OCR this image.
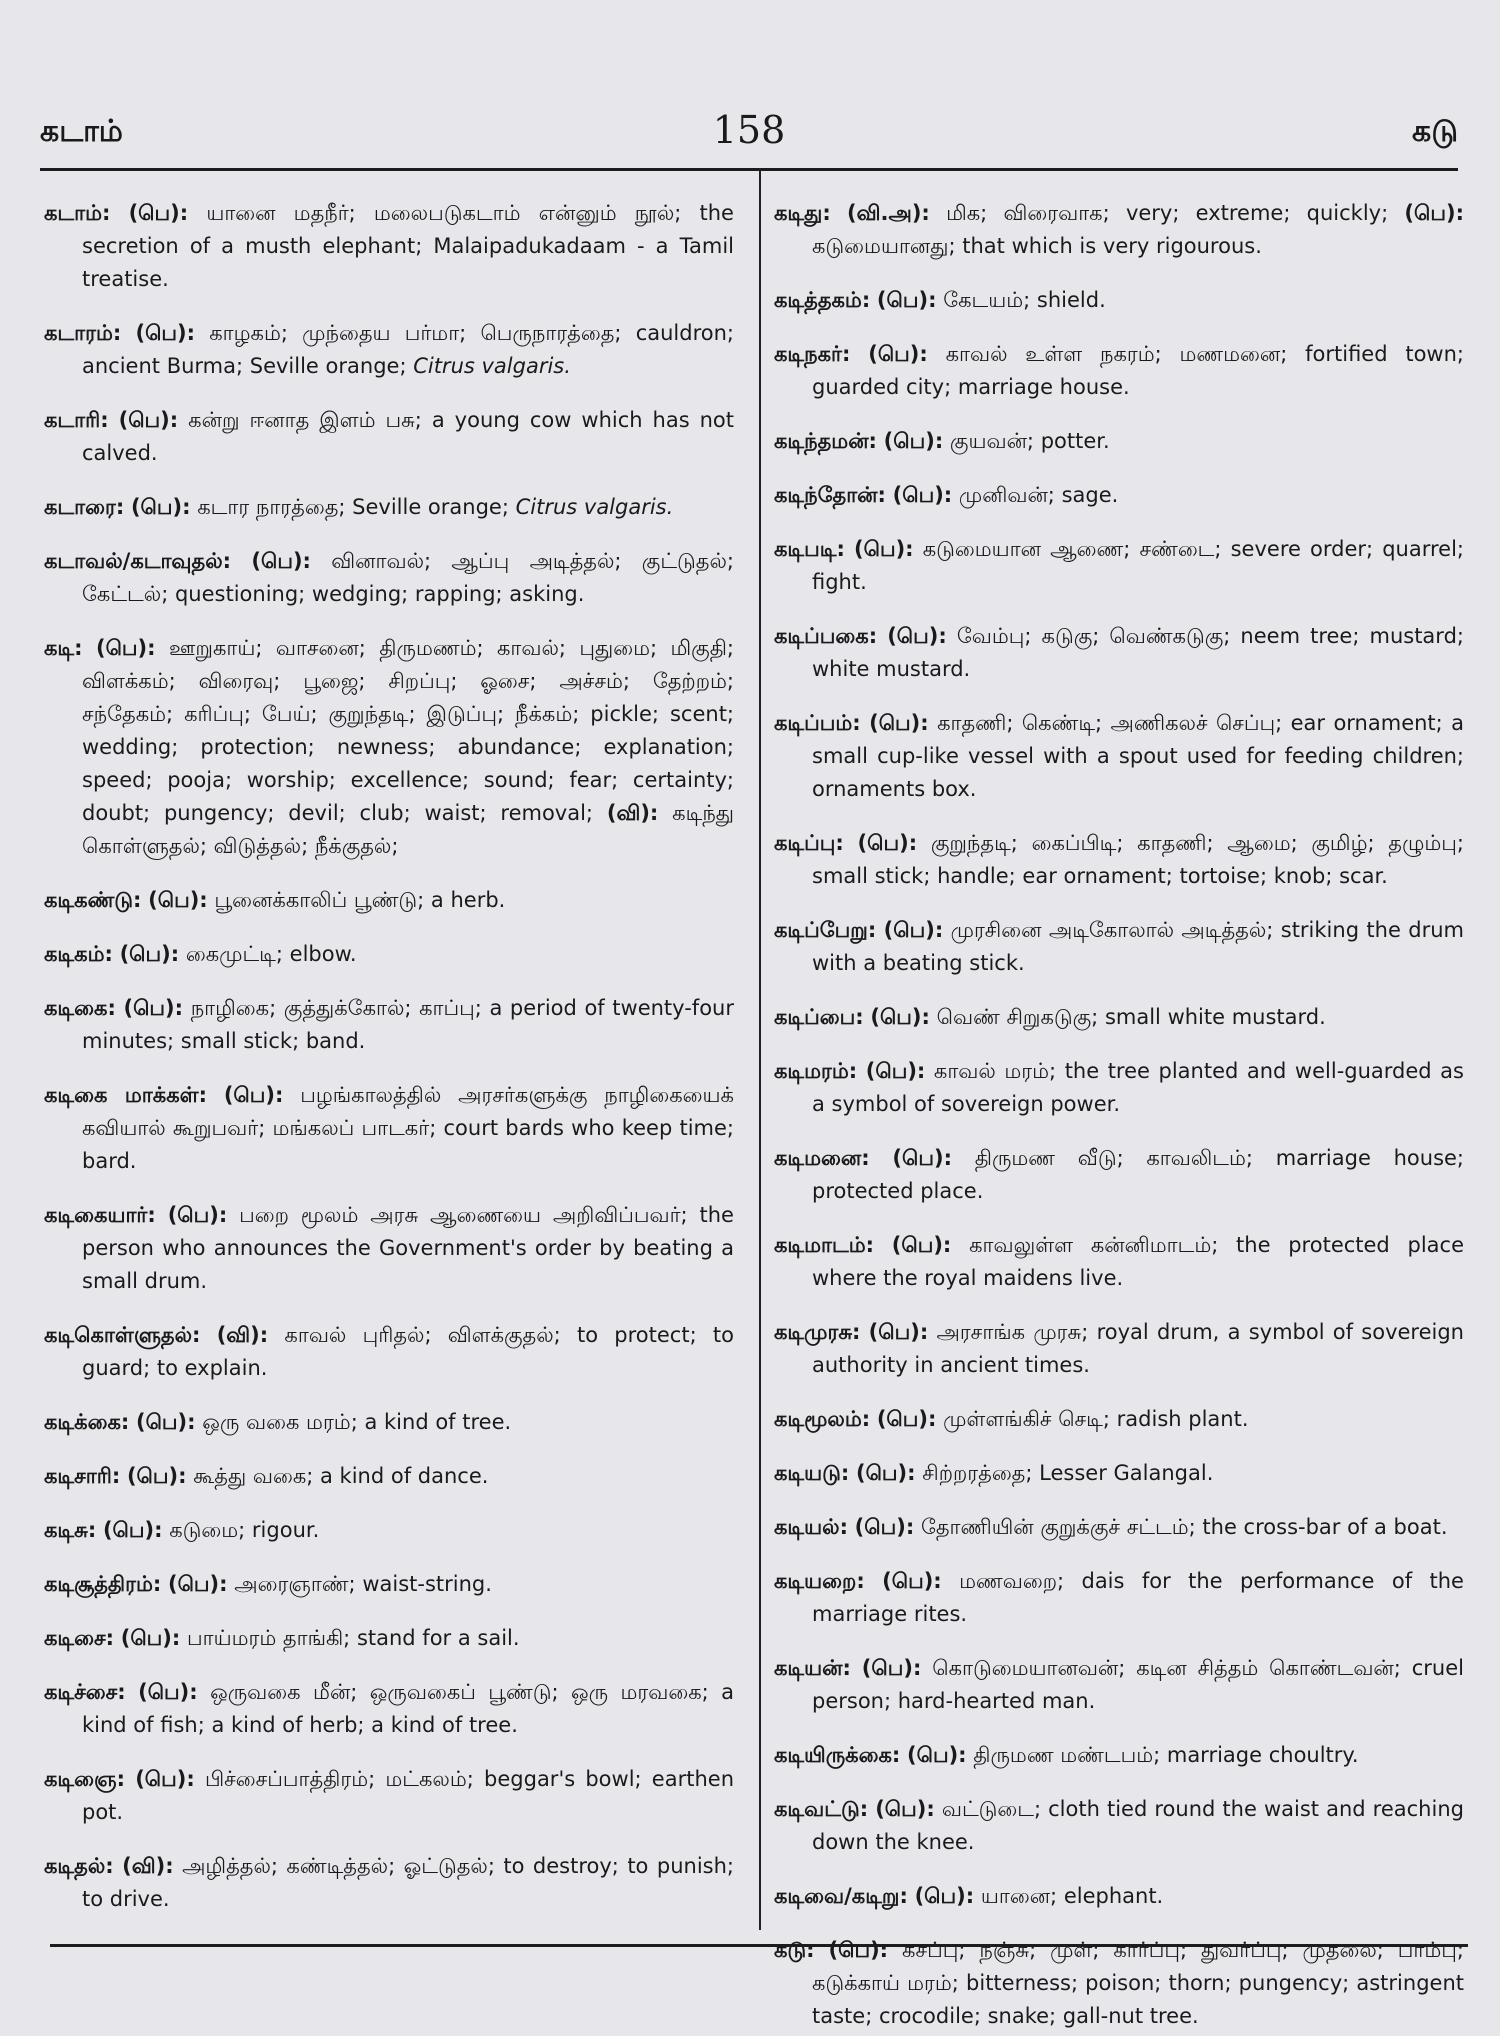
கடாம்	158	கடு

கடாம்: (பெ): யானை மதநீர்; மலைபடுகடாம் என்னும் நூல்; the secretion of a musth elephant; Malaipadukadaam - a Tamil treatise.

கடாரம்: (பெ): காழகம்; முந்தைய பர்மா; பெருநாரத்தை; cauldron; ancient Burma; Seville orange; Citrus valgaris.

கடாரி: (பெ): கன்று ஈனாத இளம் பசு; a young cow which has not calved.

கடாரை: (பெ): கடார நாரத்தை; Seville orange; Citrus valgaris.

கடாவல்/கடாவுதல்: (பெ): வினாவல்; ஆப்பு அடித்தல்; குட்டுதல்; கேட்டல்; questioning; wedging; rapping; asking.

கடி: (பெ): ஊறுகாய்; வாசனை; திருமணம்; காவல்; புதுமை; மிகுதி; விளக்கம்; விரைவு; பூஜை; சிறப்பு; ஓசை; அச்சம்; தேற்றம்; சந்தேகம்; கரிப்பு; பேய்; குறுந்தடி; இடுப்பு; நீக்கம்; pickle; scent; wedding; protection; newness; abundance; explanation; speed; pooja; worship; excellence; sound; fear; certainty; doubt; pungency; devil; club; waist; removal; (வி): கடிந்து கொள்ளுதல்; விடுத்தல்; நீக்குதல்;

கடிகண்டு: (பெ): பூனைக்காலிப் பூண்டு; a herb.

கடிகம்: (பெ): கைமுட்டி; elbow.

கடிகை: (பெ): நாழிகை; குத்துக்கோல்; காப்பு; a period of twenty-four minutes; small stick; band.

கடிகை மாக்கள்: (பெ): பழங்காலத்தில் அரசர்களுக்கு நாழிகையைக் கவியால் கூறுபவர்; மங்கலப் பாடகர்; court bards who keep time; bard.

கடிகையார்: (பெ): பறை மூலம் அரசு ஆணையை அறிவிப்பவர்; the person who announces the Government's order by beating a small drum.

கடிகொள்ளுதல்: (வி): காவல் புரிதல்; விளக்குதல்; to protect; to guard; to explain.

கடிக்கை: (பெ): ஒரு வகை மரம்; a kind of tree.

கடிசாரி: (பெ): கூத்து வகை; a kind of dance.

கடிசு: (பெ): கடுமை; rigour.

கடிசூத்திரம்: (பெ): அரைஞாண்; waist-string.

கடிசை: (பெ): பாய்மரம் தாங்கி; stand for a sail.

கடிச்சை: (பெ): ஒருவகை மீன்; ஒருவகைப் பூண்டு; ஒரு மரவகை; a kind of fish; a kind of herb; a kind of tree.

கடிஞை: (பெ): பிச்சைப்பாத்திரம்; மட்கலம்; beggar's bowl; earthen pot.

கடிதல்: (வி): அழித்தல்; கண்டித்தல்; ஓட்டுதல்; to destroy; to punish; to drive.

கடிது: (வி.அ): மிக; விரைவாக; very; extreme; quickly; (பெ): கடுமையானது; that which is very rigourous.

கடித்தகம்: (பெ): கேடயம்; shield.

கடிநகர்: (பெ): காவல் உள்ள நகரம்; மணமனை; fortified town; guarded city; marriage house.

கடிந்தமன்: (பெ): குயவன்; potter.

கடிந்தோன்: (பெ): முனிவன்; sage.

கடிபடி: (பெ): கடுமையான ஆணை; சண்டை; severe order; quarrel; fight.

கடிப்பகை: (பெ): வேம்பு; கடுகு; வெண்கடுகு; neem tree; mustard; white mustard.

கடிப்பம்: (பெ): காதணி; கெண்டி; அணிகலச் செப்பு; ear ornament; a small cup-like vessel with a spout used for feeding children; ornaments box.

கடிப்பு: (பெ): குறுந்தடி; கைப்பிடி; காதணி; ஆமை; குமிழ்; தழும்பு; small stick; handle; ear ornament; tortoise; knob; scar.

கடிப்பேறு: (பெ): முரசினை அடிகோலால் அடித்தல்; striking the drum with a beating stick.

கடிப்பை: (பெ): வெண் சிறுகடுகு; small white mustard.

கடிமரம்: (பெ): காவல் மரம்; the tree planted and well-guarded as a symbol of sovereign power.

கடிமனை: (பெ): திருமண வீடு; காவலிடம்; marriage house; protected place.

கடிமாடம்: (பெ): காவலுள்ள கன்னிமாடம்; the protected place where the royal maidens live.

கடிமுரசு: (பெ): அரசாங்க முரசு; royal drum, a symbol of sovereign authority in ancient times.

கடிமூலம்: (பெ): முள்ளங்கிச் செடி; radish plant.

கடியடு: (பெ): சிற்றரத்தை; Lesser Galangal.

கடியல்: (பெ): தோணியின் குறுக்குச் சட்டம்; the cross-bar of a boat.

கடியறை: (பெ): மணவறை; dais for the performance of the marriage rites.

கடியன்: (பெ): கொடுமையானவன்; கடின சித்தம் கொண்டவன்; cruel person; hard-hearted man.

கடியிருக்கை: (பெ): திருமண மண்டபம்; marriage choultry.

கடிவட்டு: (பெ): வட்டுடை; cloth tied round the waist and reaching down the knee.

கடிவை/கடிறு: (பெ): யானை; elephant.

கடு: (பெ): கசப்பு; நஞ்சு; முள்; கார்ப்பு; துவர்ப்பு; முதலை; பாம்பு; கடுக்காய் மரம்; bitterness; poison; thorn; pungency; astringent taste; crocodile; snake; gall-nut tree.
